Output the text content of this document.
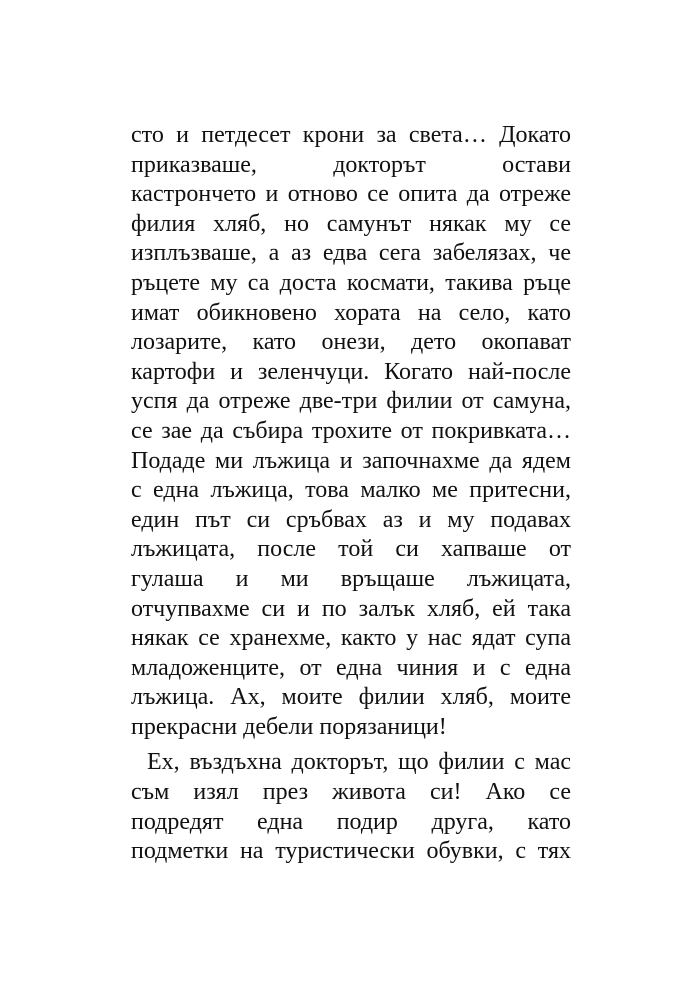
сто и петдесет крони за света… Докато
приказваше, докторът остави
кастрончето и отново се опита да отреже
филия хляб, но самунът някак му се
изплъзваше, а аз едва сега забелязах, че
ръцете му са доста космати, такива ръце
имат обикновено хората на село, като
лозарите, като онези, дето окопават
картофи и зеленчуци. Когато най-после
успя да отреже две-три филии от самуна,
се зае да събира трохите от покривката…
Подаде ми лъжица и започнахме да ядем
с една лъжица, това малко ме притесни,
един път си сръбвах аз и му подавах
лъжицата, после той си хапваше от
гулаша и ми връщаше лъжицата,
отчупвахме си и по залък хляб, ей така
някак се хранехме, както у нас ядат супа
младоженците, от една чиния и с една
лъжица. Ах, моите филии хляб, моите
прекрасни дебели порязаници!
Ех, въздъхна докторът, що филии с мас
съм изял през живота си! Ако се
подредят една подир друга, като
подметки на туристически обувки, с тях
